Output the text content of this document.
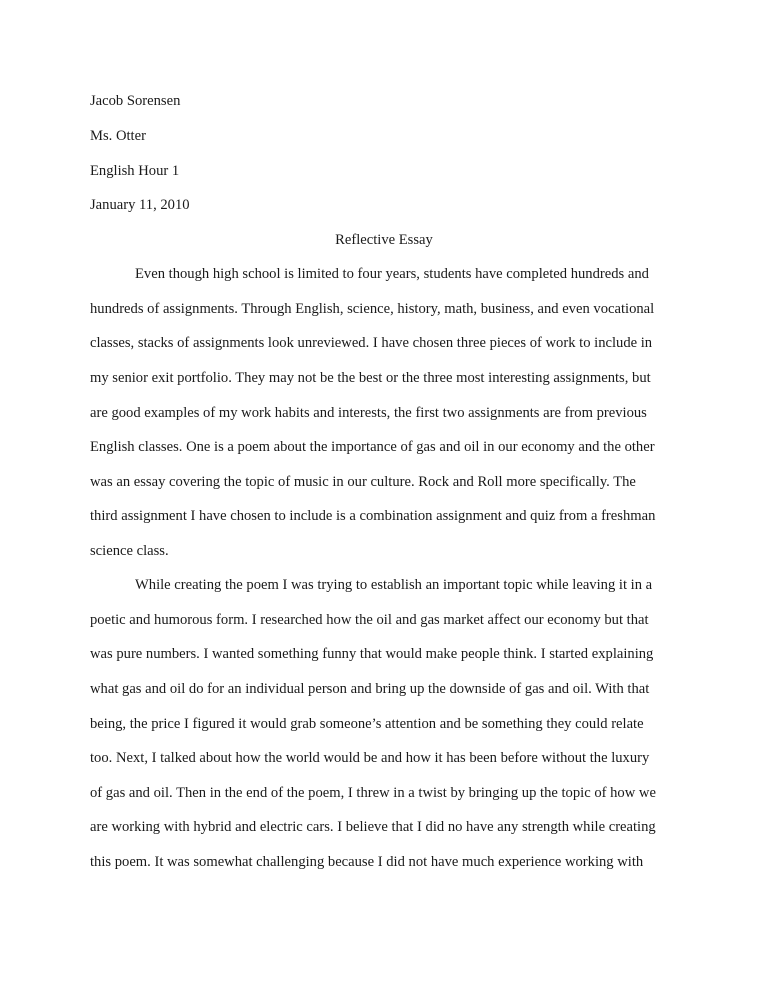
Jacob Sorensen
Ms. Otter
English Hour 1
January 11, 2010
Reflective Essay
Even though high school is limited to four years, students have completed hundreds and
hundreds of assignments. Through English, science, history, math, business, and even vocational
classes, stacks of assignments look unreviewed. I have chosen three pieces of work to include in
my senior exit portfolio. They may not be the best or the three most interesting assignments, but
are good examples of my work habits and interests, the first two assignments are from previous
English classes. One is a poem about the importance of gas and oil in our economy and the other
was an essay covering the topic of music in our culture. Rock and Roll more specifically. The
third assignment I have chosen to include is a combination assignment and quiz from a freshman
science class.
While creating the poem I was trying to establish an important topic while leaving it in a
poetic and humorous form. I researched how the oil and gas market affect our economy but that
was pure numbers. I wanted something funny that would make people think. I started explaining
what gas and oil do for an individual person and bring up the downside of gas and oil. With that
being, the price I figured it would grab someone’s attention and be something they could relate
too. Next, I talked about how the world would be and how it has been before without the luxury
of gas and oil. Then in the end of the poem, I threw in a twist by bringing up the topic of how we
are working with hybrid and electric cars. I believe that I did no have any strength while creating
this poem. It was somewhat challenging because I did not have much experience working with
